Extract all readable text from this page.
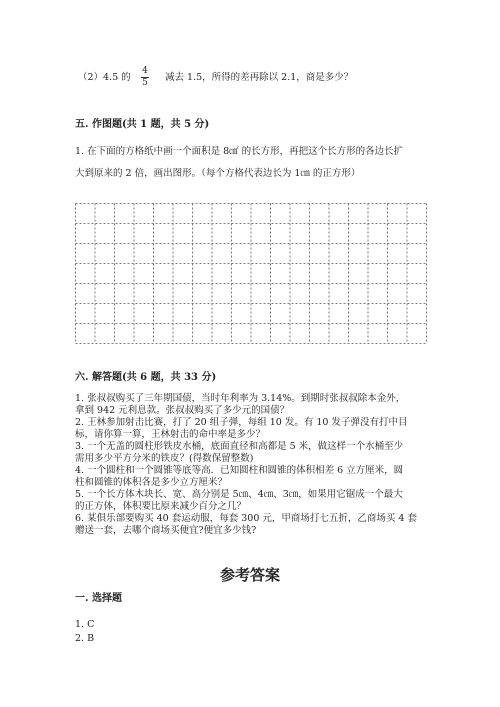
（2）4.5 的
4
5 减去 1.5，所得的差再除以 2.1，商是多少？
五. 作图题(共 1 题，共 5 分)
1. 在下面的方格纸中画一个面积是 8㎠ 的长方形，再把这个长方形的各边长扩
大到原来的 2 倍，画出图形。（每个方格代表边长为 1㎝ 的正方形）
六. 解答题(共 6 题，共 33 分)
1. 张叔叔购买了三年期国债，当时年利率为 3.14%。到期时张叔叔除本金外，
拿到 942 元利息款。张叔叔购买了多少元的国债？
2. 王林参加射击比赛，打了 20 组子弹，每组 10 发。有 10 发子弹没有打中目
标，请你算一算，王林射击的命中率是多少？
3. 一个无盖的圆柱形铁皮水桶，底面直径和高都是 5 米，做这样一个水桶至少
需用多少平方分米的铁皮？(得数保留整数)
4. 一个圆柱和一个圆锥等底等高．已知圆柱和圆锥的体积相差 6 立方厘米，圆
柱和圆锥的体积各是多少立方厘米？
5. 一个长方体木块长、宽、高分别是 5㎝、4㎝、3㎝，如果用它锯成一个最大
的正方体，体积要比原来减少百分之几？
6. 某俱乐部要购买 40 套运动服，每套 300 元，甲商场打七五折，乙商场买 4 套
赠送一套，去哪个商场买便宜?便宜多少钱?
参考答案
一. 选择题
1. C
2. B
